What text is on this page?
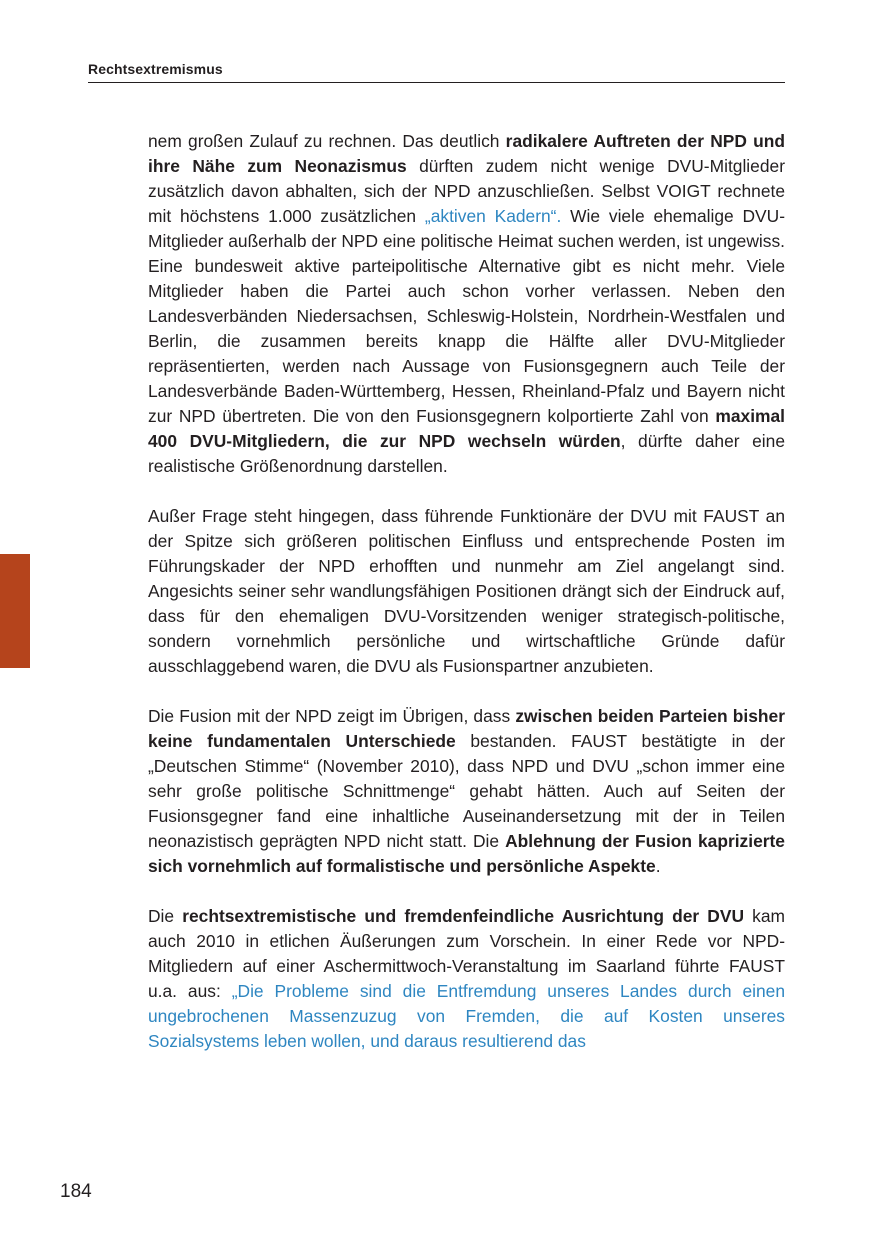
Rechtsextremismus

nem großen Zulauf zu rechnen. Das deutlich radikalere Auftreten der NPD und ihre Nähe zum Neonazismus dürften zudem nicht wenige DVU-Mitglieder zusätzlich davon abhalten, sich der NPD anzuschließen. Selbst VOIGT rechnete mit höchstens 1.000 zusätzlichen „aktiven Kadern“. Wie viele ehemalige DVU-Mitglieder außerhalb der NPD eine politische Heimat suchen werden, ist ungewiss. Eine bundesweit aktive parteipolitische Alternative gibt es nicht mehr. Viele Mitglieder haben die Partei auch schon vorher verlassen. Neben den Landesverbänden Niedersachsen, Schleswig-Holstein, Nordrhein-Westfalen und Berlin, die zusammen bereits knapp die Hälfte aller DVU-Mitglieder repräsentierten, werden nach Aussage von Fusionsgegnern auch Teile der Landesverbände Baden-Württemberg, Hessen, Rheinland-Pfalz und Bayern nicht zur NPD übertreten. Die von den Fusionsgegnern kolportierte Zahl von maximal 400 DVU-Mitgliedern, die zur NPD wechseln würden, dürfte daher eine realistische Größenordnung darstellen.

Außer Frage steht hingegen, dass führende Funktionäre der DVU mit FAUST an der Spitze sich größeren politischen Einfluss und entsprechende Posten im Führungskader der NPD erhofften und nunmehr am Ziel angelangt sind. Angesichts seiner sehr wandlungsfähigen Positionen drängt sich der Eindruck auf, dass für den ehemaligen DVU-Vorsitzenden weniger strategisch-politische, sondern vornehmlich persönliche und wirtschaftliche Gründe dafür ausschlaggebend waren, die DVU als Fusionspartner anzubieten.

Die Fusion mit der NPD zeigt im Übrigen, dass zwischen beiden Parteien bisher keine fundamentalen Unterschiede bestanden. FAUST bestätigte in der „Deutschen Stimme“ (November 2010), dass NPD und DVU „schon immer eine sehr große politische Schnittmenge“ gehabt hätten. Auch auf Seiten der Fusionsgegner fand eine inhaltliche Auseinandersetzung mit der in Teilen neonazistisch geprägten NPD nicht statt. Die Ablehnung der Fusion kaprizierte sich vornehmlich auf formalistische und persönliche Aspekte.

Die rechtsextremistische und fremdenfeindliche Ausrichtung der DVU kam auch 2010 in etlichen Äußerungen zum Vorschein. In einer Rede vor NPD-Mitgliedern auf einer Aschermittwoch-Veranstaltung im Saarland führte FAUST u.a. aus: „Die Probleme sind die Entfremdung unseres Landes durch einen ungebrochenen Massenzuzug von Fremden, die auf Kosten unseres Sozialsystems leben wollen, und daraus resultierend das

184
